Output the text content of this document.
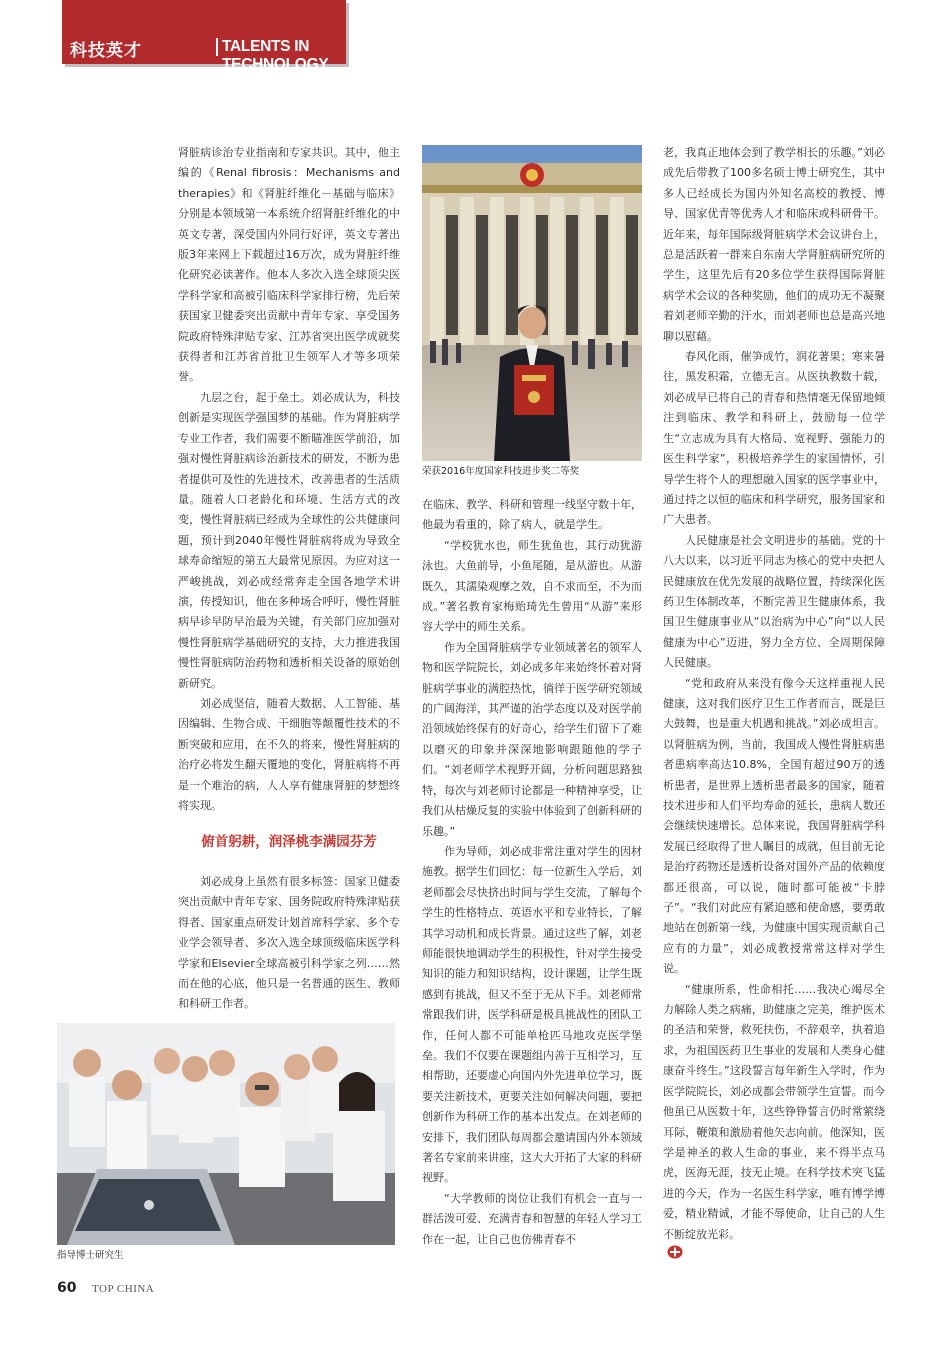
科技英才	TALENTS IN TECHNOLOGY

肾脏病诊治专业指南和专家共识。其中，他主编的《Renal fibrosis：Mechanisms and therapies》和《肾脏纤维化－基础与临床》分别是本领域第一本系统介绍肾脏纤维化的中英文专著，深受国内外同行好评，英文专著出版3年来网上下载超过16万次，成为肾脏纤维化研究必读著作。他本人多次入选全球顶尖医学科学家和高被引临床科学家排行榜，先后荣获国家卫健委突出贡献中青年专家、享受国务院政府特殊津贴专家、江苏省突出医学成就奖获得者和江苏省首批卫生领军人才等多项荣誉。

九层之台，起于垒土。刘必成认为，科技创新是实现医学强国梦的基础。作为肾脏病学专业工作者，我们需要不断瞄准医学前沿，加强对慢性肾脏病诊治新技术的研发，不断为患者提供可及性的先进技术，改善患者的生活质量。随着人口老龄化和环境、生活方式的改变，慢性肾脏病已经成为全球性的公共健康问题，预计到2040年慢性肾脏病将成为导致全球寿命缩短的第五大最常见原因。为应对这一严峻挑战，刘必成经常奔走全国各地学术讲演，传授知识，他在多种场合呼吁，慢性肾脏病早诊早防早治最为关键，有关部门应加强对慢性肾脏病学基础研究的支持，大力推进我国慢性肾脏病防治药物和透析相关设备的原始创新研究。

刘必成坚信，随着大数据、人工智能、基因编辑、生物合成、干细胞等颠覆性技术的不断突破和应用，在不久的将来，慢性肾脏病的治疗必将发生翻天覆地的变化，肾脏病将不再是一个难治的病，人人享有健康肾脏的梦想终将实现。

俯首躬耕，润泽桃李满园芬芳

刘必成身上虽然有很多标签：国家卫健委突出贡献中青年专家、国务院政府特殊津贴获得者、国家重点研发计划首席科学家、多个专业学会领导者、多次入选全球顶级临床医学科学家和Elsevier全球高被引科学家之列……然而在他的心底，他只是一名普通的医生、教师和科研工作者。

荣获2016年度国家科技进步奖二等奖

在临床、教学、科研和管理一线坚守数十年，他最为看重的，除了病人，就是学生。

“学校犹水也，师生犹鱼也，其行动犹游泳也。大鱼前导，小鱼尾随，是从游也。从游既久，其濡染观摩之效，自不求而至，不为而成。”著名教育家梅贻琦先生曾用“从游”来形容大学中的师生关系。

作为全国肾脏病学专业领域著名的领军人物和医学院院长，刘必成多年来始终怀着对肾脏病学事业的满腔热忱，徜徉于医学研究领域的广阔海洋，其严谨的治学态度以及对医学前沿领域始终保有的好奇心，给学生们留下了难以磨灭的印象并深深地影响跟随他的学子们。“刘老师学术视野开阔，分析问题思路独特，每次与刘老师讨论都是一种精神享受，让我们从枯燥反复的实验中体验到了创新科研的乐趣。”

作为导师，刘必成非常注重对学生的因材施教。据学生们回忆：每一位新生入学后，刘老师都会尽快挤出时间与学生交流，了解每个学生的性格特点、英语水平和专业特长，了解其学习动机和成长背景。通过这些了解，刘老师能很快地调动学生的积极性，针对学生接受知识的能力和知识结构，设计课题，让学生既感到有挑战，但又不至于无从下手。刘老师常常跟我们讲，医学科研是极具挑战性的团队工作，任何人都不可能单枪匹马地攻克医学堡垒。我们不仅要在课题组内善于互相学习，互相帮助，还要虚心向国内外先进单位学习，既要关注新技术，更要关注如何解决问题，要把创新作为科研工作的基本出发点。在刘老师的安排下，我们团队每周都会邀请国内外本领域著名专家前来讲座，这大大开拓了大家的科研视野。

“大学教师的岗位让我们有机会一直与一群活泼可爱、充满青春和智慧的年轻人学习工作在一起，让自己也仿佛青春不

老，我真正地体会到了教学相长的乐趣。”刘必成先后带教了100多名硕士博士研究生，其中多人已经成长为国内外知名高校的教授、博导、国家优青等优秀人才和临床或科研骨干。近年来，每年国际级肾脏病学术会议讲台上，总是活跃着一群来自东南大学肾脏病研究所的学生，这里先后有20多位学生获得国际肾脏病学术会议的各种奖励，他们的成功无不凝聚着刘老师辛勤的汗水，而刘老师也总是高兴地聊以慰藉。

春风化雨，催笋成竹，润花著果；寒来暑往，黑发积霜，立德无言。从医执教数十载，刘必成早已将自己的青春和热情毫无保留地倾注到临床、教学和科研上，鼓励每一位学生“立志成为具有大格局、宽视野、强能力的医生科学家”，积极培养学生的家国情怀，引导学生将个人的理想融入国家的医学事业中，通过持之以恒的临床和科学研究，服务国家和广大患者。

人民健康是社会文明进步的基础。党的十八大以来，以习近平同志为核心的党中央把人民健康放在优先发展的战略位置，持续深化医药卫生体制改革，不断完善卫生健康体系，我国卫生健康事业从“以治病为中心”向“以人民健康为中心”迈进，努力全方位、全周期保障人民健康。

“党和政府从来没有像今天这样重视人民健康，这对我们医疗卫生工作者而言，既是巨大鼓舞，也是重大机遇和挑战。”刘必成坦言。以肾脏病为例，当前，我国成人慢性肾脏病患者患病率高达10.8%，全国有超过90万的透析患者，是世界上透析患者最多的国家，随着技术进步和人们平均寿命的延长，患病人数还会继续快速增长。总体来说，我国肾脏病学科发展已经取得了世人瞩目的成就，但目前无论是治疗药物还是透析设备对国外产品的依赖度都还很高，可以说，随时都可能被“卡脖子”。“我们对此应有紧迫感和使命感，要勇敢地站在创新第一线，为健康中国实现贡献自己应有的力量”，刘必成教授常常这样对学生说。

“健康所系，性命相托……我决心竭尽全力解除人类之病痛，助健康之完美，维护医术的圣洁和荣誉，救死扶伤，不辞艰辛，执着追求，为祖国医药卫生事业的发展和人类身心健康奋斗终生。”这段誓言每年新生入学时，作为医学院院长，刘必成都会带领学生宣誓。而今他虽已从医数十年，这些铮铮誓言仍时常萦绕耳际，鞭策和激励着他矢志向前。他深知，医学是神圣的救人生命的事业，来不得半点马虎，医海无涯，技无止境。在科学技术突飞猛进的今天，作为一名医生科学家，唯有博学博爱，精业精诚，才能不辱使命，让自己的人生不断绽放光彩。

指导博士研究生
60 TOP CHINA
